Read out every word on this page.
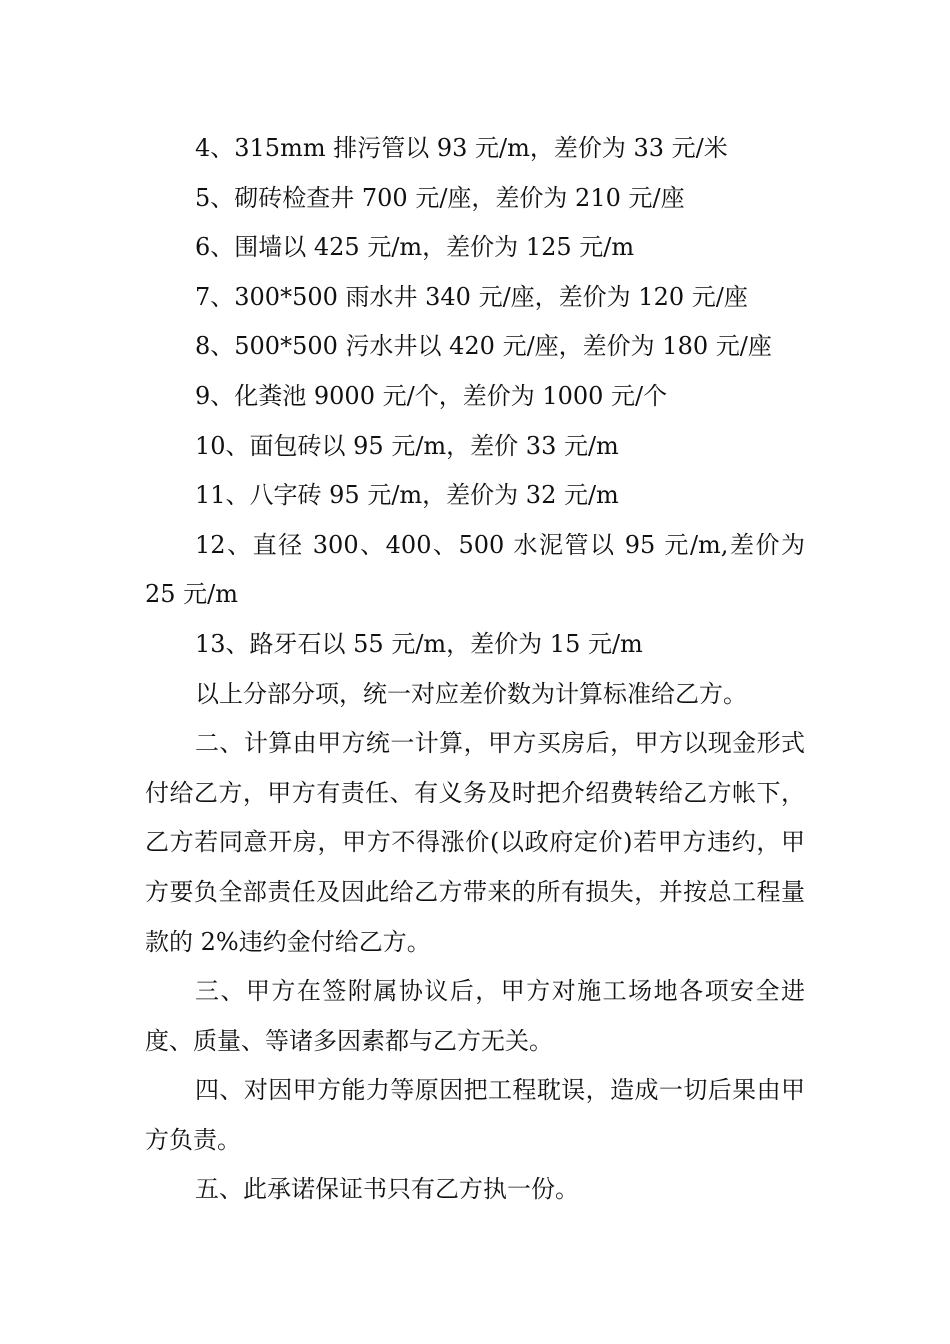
4、315mm 排污管以 93 元/m，差价为 33 元/米

5、砌砖检查井 700 元/座，差价为 210 元/座

6、围墙以 425 元/m，差价为 125 元/m

7、300*500 雨水井 340 元/座，差价为 120 元/座

8、500*500 污水井以 420 元/座，差价为 180 元/座

9、化粪池 9000 元/个，差价为 1000 元/个

10、面包砖以 95 元/m，差价 33 元/m

11、八字砖 95 元/m，差价为 32 元/m

12、直径 300、400、500 水泥管以 95 元/m,差价为 25 元/m

13、路牙石以 55 元/m，差价为 15 元/m

以上分部分项，统一对应差价数为计算标准给乙方。

二、计算由甲方统一计算，甲方买房后，甲方以现金形式付给乙方，甲方有责任、有义务及时把介绍费转给乙方帐下，乙方若同意开房，甲方不得涨价(以政府定价)若甲方违约，甲方要负全部责任及因此给乙方带来的所有损失，并按总工程量款的 2%违约金付给乙方。

三、甲方在签附属协议后，甲方对施工场地各项安全进度、质量、等诸多因素都与乙方无关。

四、对因甲方能力等原因把工程耽误，造成一切后果由甲方负责。

五、此承诺保证书只有乙方执一份。
